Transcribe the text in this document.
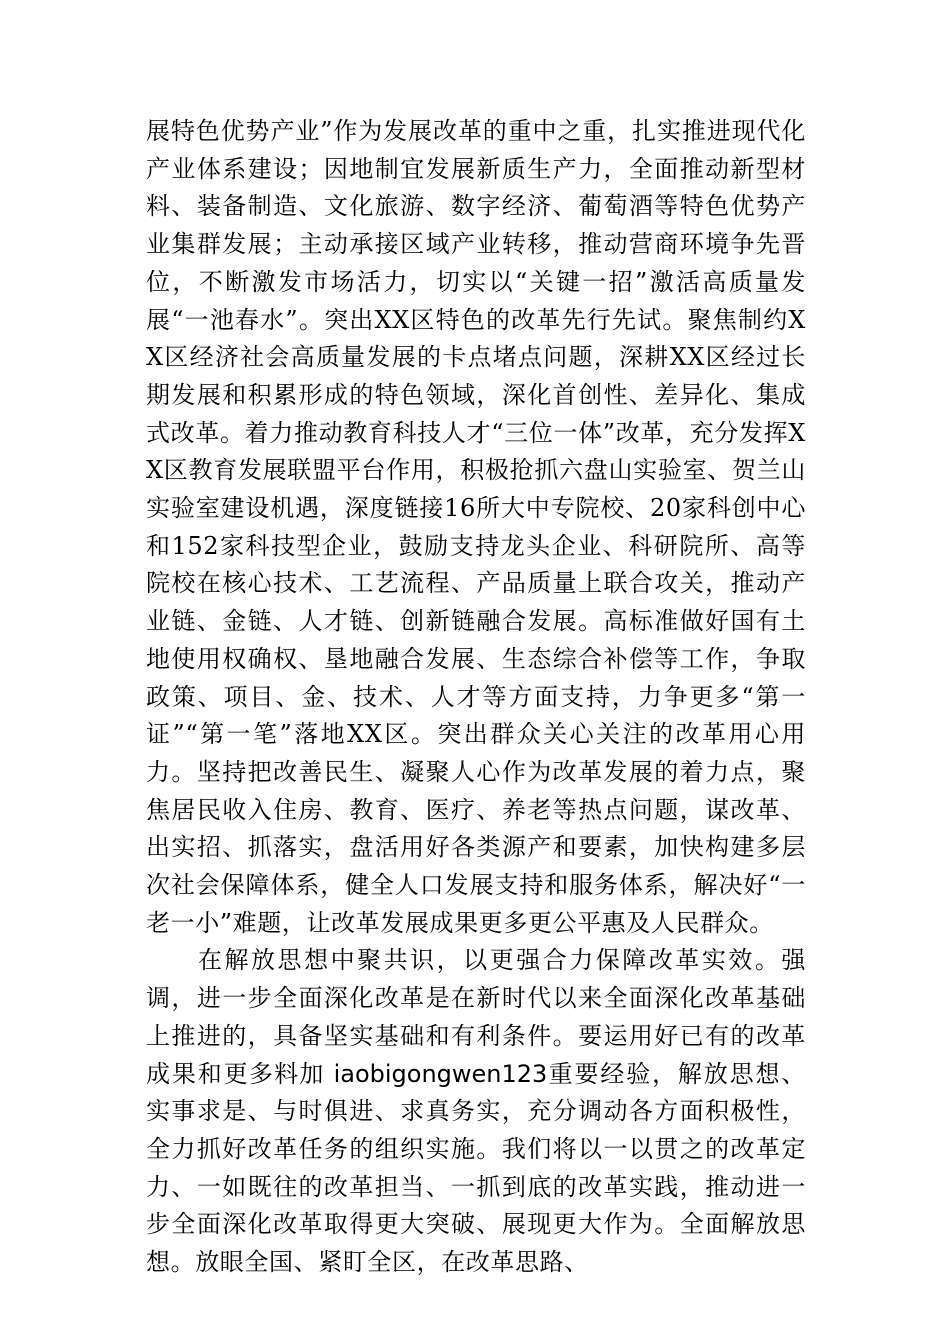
展特色优势产业”作为发展改革的重中之重，扎实推进现代化产业体系建设；因地制宜发展新质生产力，全面推动新型材料、装备制造、文化旅游、数字经济、葡萄酒等特色优势产业集群发展；主动承接区域产业转移，推动营商环境争先晋位，不断激发市场活力，切实以“关键一招”激活高质量发展“一池春水”。突出XX区特色的改革先行先试。聚焦制约XX区经济社会高质量发展的卡点堵点问题，深耕XX区经过长期发展和积累形成的特色领域，深化首创性、差异化、集成式改革。着力推动教育科技人才“三位一体”改革，充分发挥XX区教育发展联盟平台作用，积极抢抓六盘山实验室、贺兰山实验室建设机遇，深度链接16所大中专院校、20家科创中心和152家科技型企业，鼓励支持龙头企业、科研院所、高等院校在核心技术、工艺流程、产品质量上联合攻关，推动产业链、金链、人才链、创新链融合发展。高标准做好国有土地使用权确权、垦地融合发展、生态综合补偿等工作，争取政策、项目、金、技术、人才等方面支持，力争更多“第一证”“第一笔”落地XX区。突出群众关心关注的改革用心用力。坚持把改善民生、凝聚人心作为改革发展的着力点，聚焦居民收入住房、教育、医疗、养老等热点问题，谋改革、出实招、抓落实，盘活用好各类源产和要素，加快构建多层次社会保障体系，健全人口发展支持和服务体系，解决好“一老一小”难题，让改革发展成果更多更公平惠及人民群众。

在解放思想中聚共识，以更强合力保障改革实效。强调，进一步全面深化改革是在新时代以来全面深化改革基础上推进的，具备坚实基础和有利条件。要运用好已有的改革成果和更多料加 iaobigongwen123重要经验，解放思想、实事求是、与时俱进、求真务实，充分调动各方面积极性，全力抓好改革任务的组织实施。我们将以一以贯之的改革定力、一如既往的改革担当、一抓到底的改革实践，推动进一步全面深化改革取得更大突破、展现更大作为。全面解放思想。放眼全国、紧盯全区，在改革思路、
